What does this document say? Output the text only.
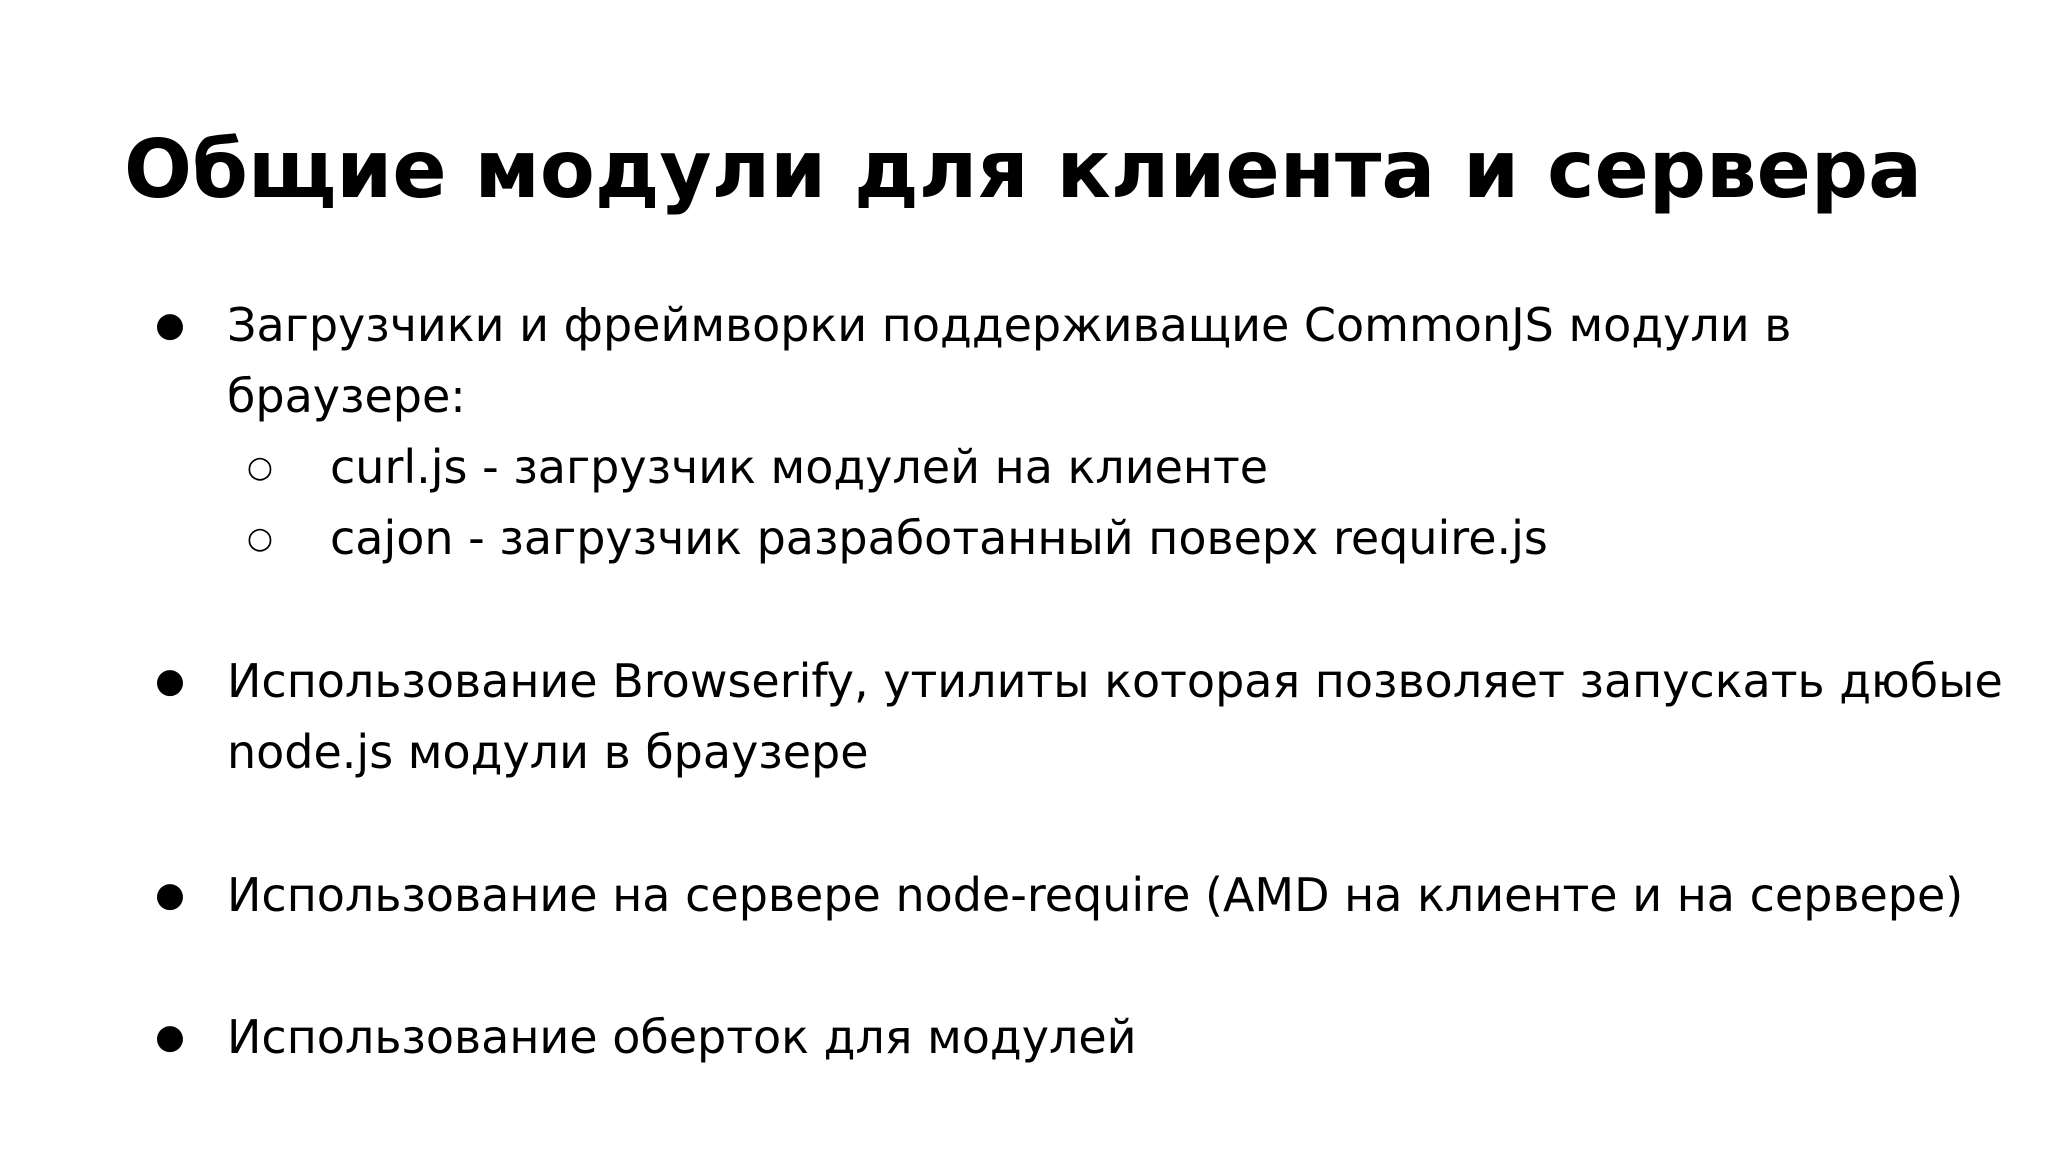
Общие модули для клиента и сервера
● Загрузчики и фреймворки поддерживащие CommonJS модули в
браузере:
○ curl.js - загрузчик модулей на клиенте
○ cajon - загрузчик разработанный поверх require.js
● Использование Browserify, утилиты которая позволяет запускать дюбые
node.js модули в браузере
● Использование на сервере node-require (AMD на клиенте и на сервере)
● Использование оберток для модулей
